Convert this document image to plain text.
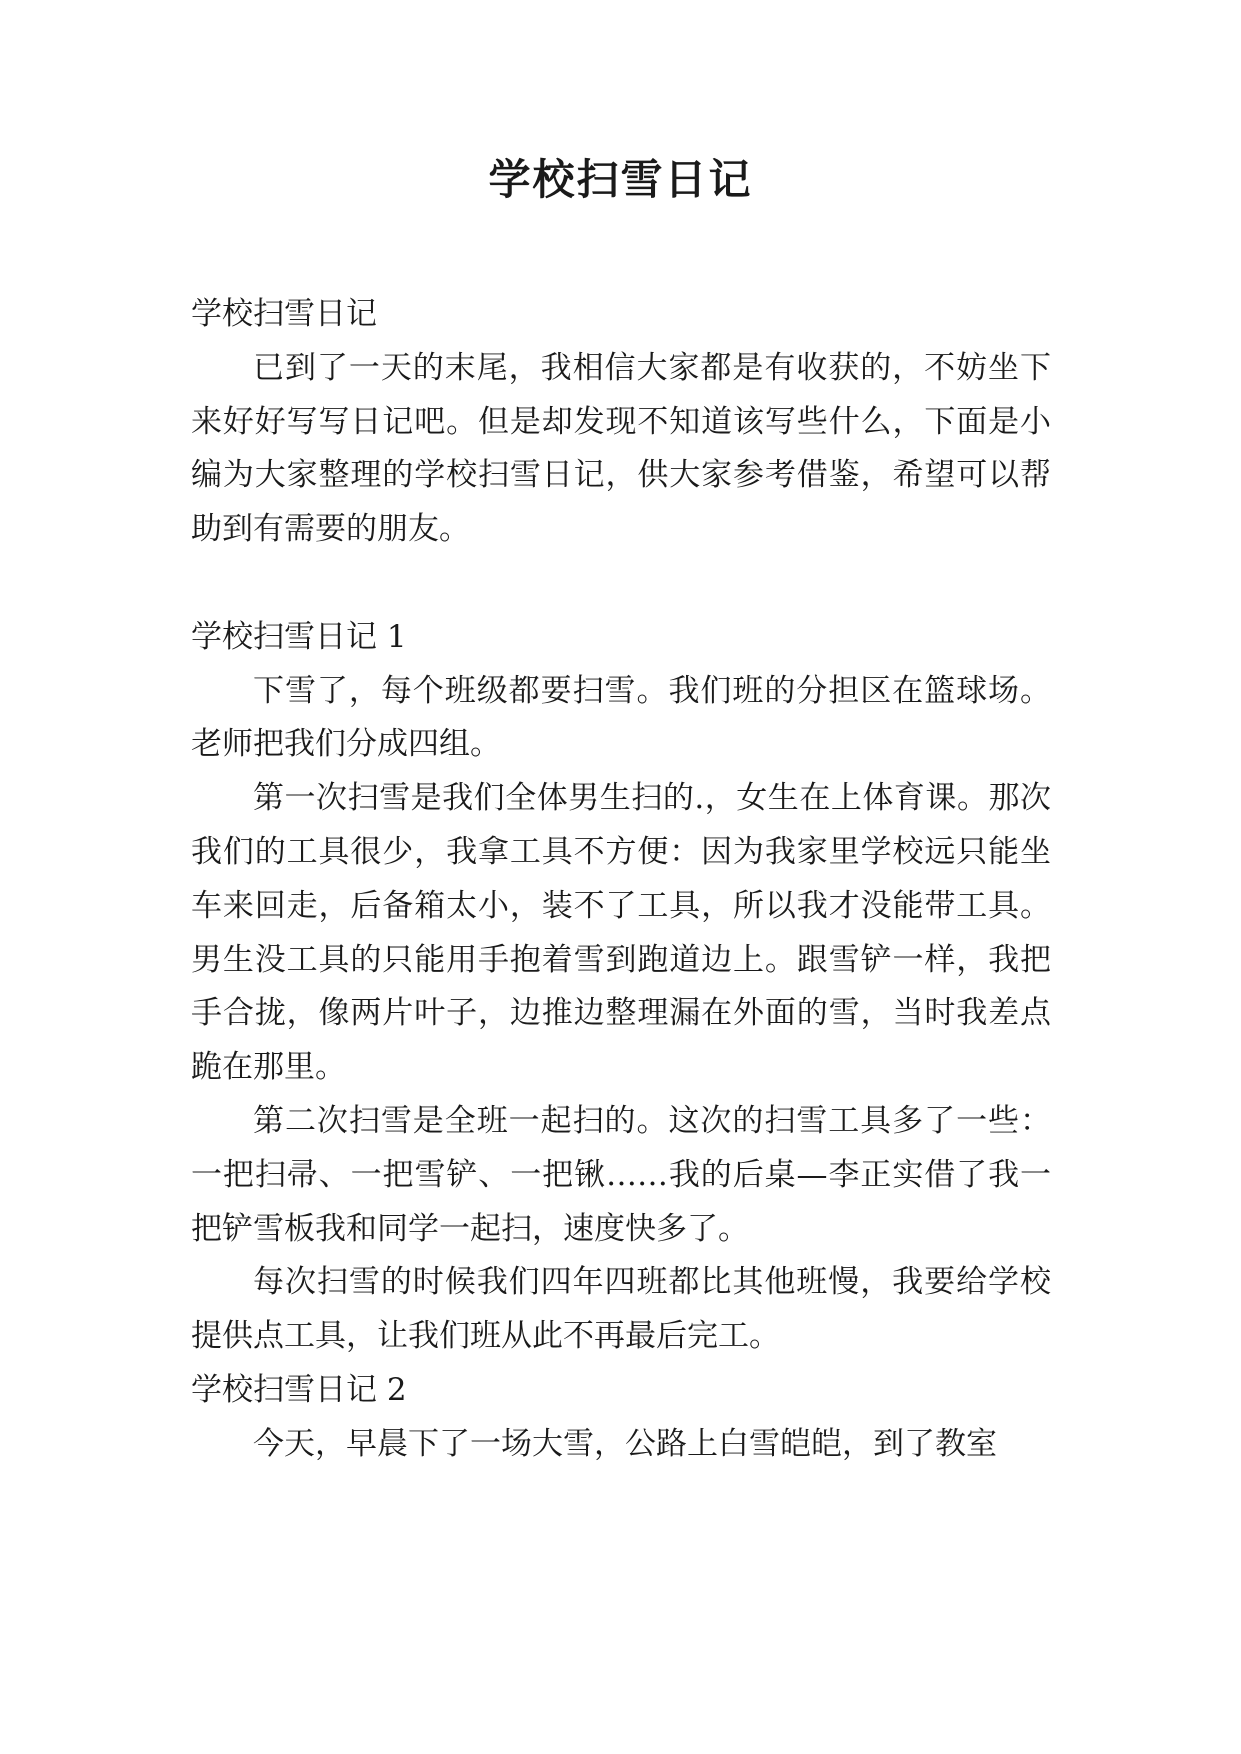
学校扫雪日记

学校扫雪日记

已到了一天的末尾，我相信大家都是有收获的，不妨坐下来好好写写日记吧。但是却发现不知道该写些什么，下面是小编为大家整理的学校扫雪日记，供大家参考借鉴，希望可以帮助到有需要的朋友。

学校扫雪日记 1

下雪了，每个班级都要扫雪。我们班的分担区在篮球场。老师把我们分成四组。

第一次扫雪是我们全体男生扫的.，女生在上体育课。那次我们的工具很少，我拿工具不方便：因为我家里学校远只能坐车来回走，后备箱太小，装不了工具，所以我才没能带工具。男生没工具的只能用手抱着雪到跑道边上。跟雪铲一样，我把手合拢，像两片叶子，边推边整理漏在外面的雪，当时我差点跪在那里。

第二次扫雪是全班一起扫的。这次的扫雪工具多了一些：一把扫帚、一把雪铲、一把锹……我的后桌—李正实借了我一把铲雪板我和同学一起扫，速度快多了。

每次扫雪的时候我们四年四班都比其他班慢，我要给学校提供点工具，让我们班从此不再最后完工。

学校扫雪日记 2

今天，早晨下了一场大雪，公路上白雪皑皑，到了教室
